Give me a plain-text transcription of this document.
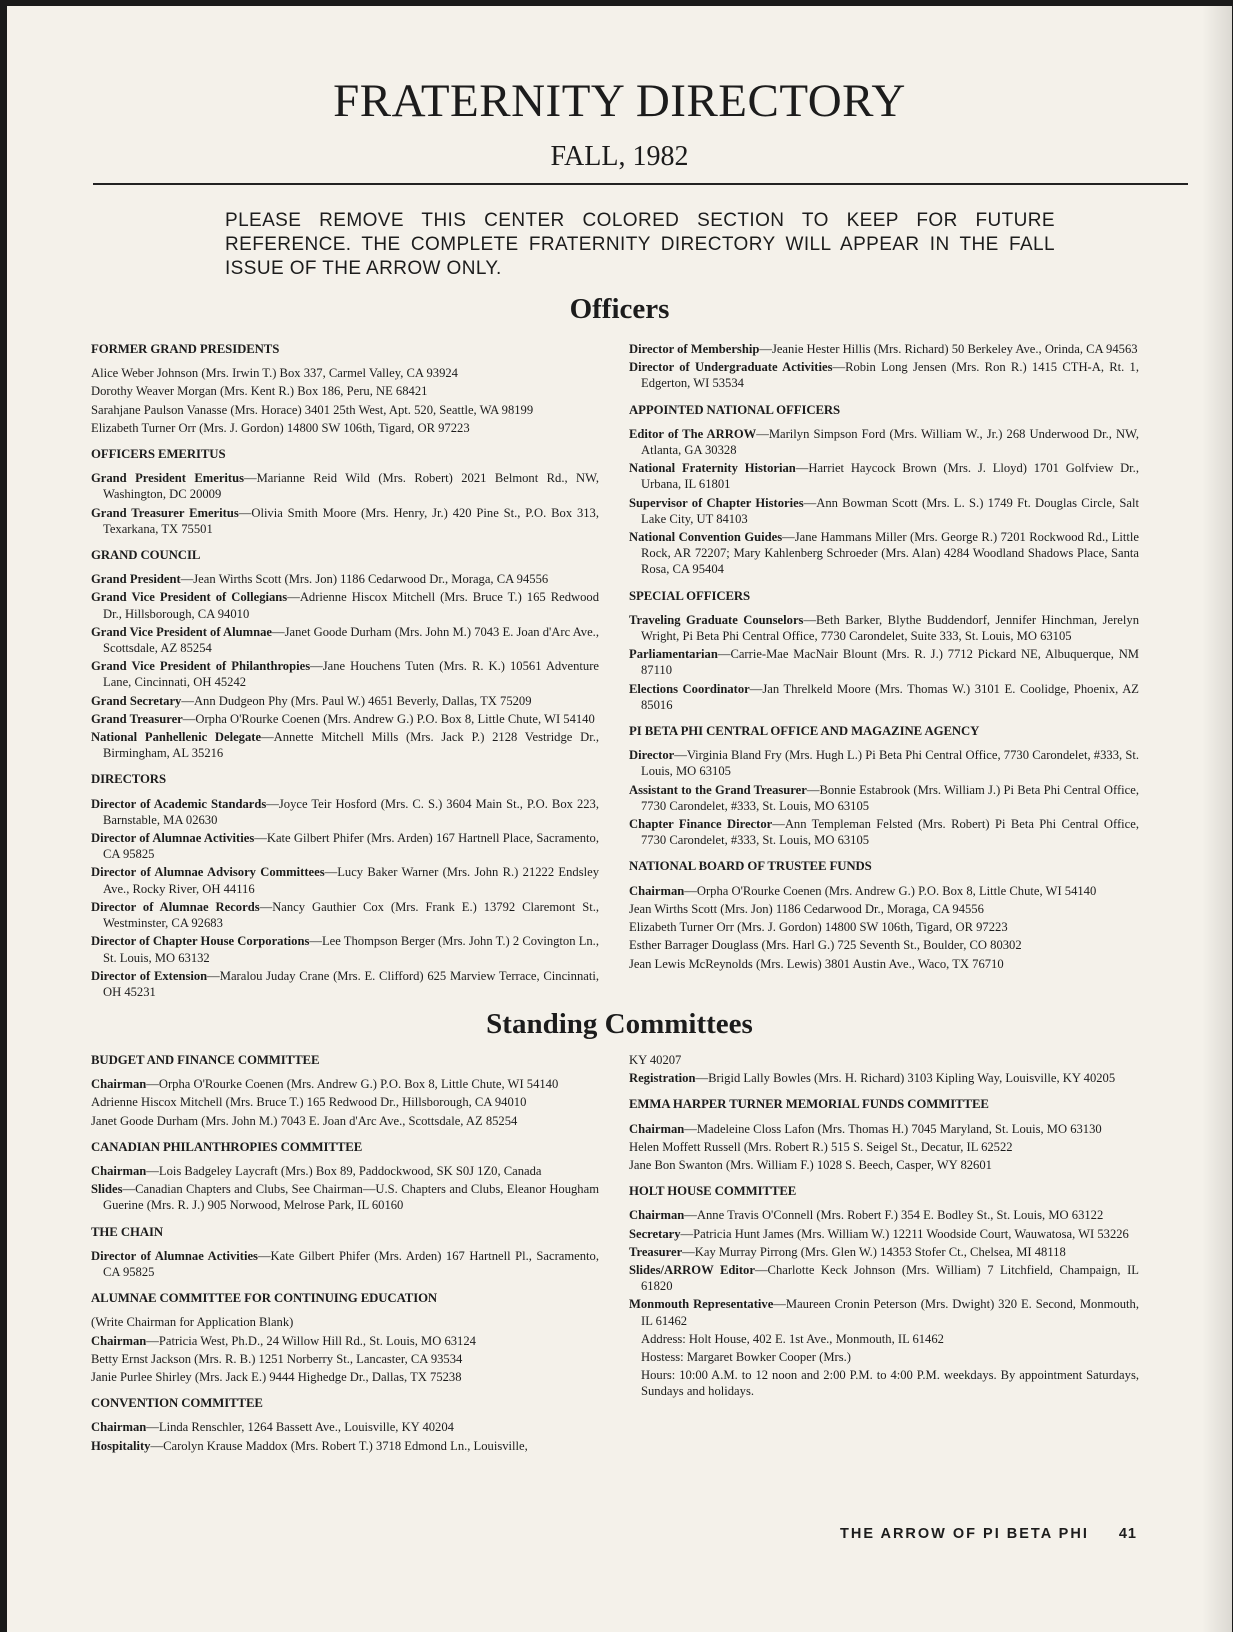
FRATERNITY DIRECTORY
FALL, 1982
PLEASE REMOVE THIS CENTER COLORED SECTION TO KEEP FOR FUTURE REFERENCE. THE COMPLETE FRATERNITY DIRECTORY WILL APPEAR IN THE FALL ISSUE OF THE ARROW ONLY.
Officers
FORMER GRAND PRESIDENTS
Alice Weber Johnson (Mrs. Irwin T.) Box 337, Carmel Valley, CA 93924
Dorothy Weaver Morgan (Mrs. Kent R.) Box 186, Peru, NE 68421
Sarahjane Paulson Vanasse (Mrs. Horace) 3401 25th West, Apt. 520, Seattle, WA 98199
Elizabeth Turner Orr (Mrs. J. Gordon) 14800 SW 106th, Tigard, OR 97223
OFFICERS EMERITUS
Grand President Emeritus—Marianne Reid Wild (Mrs. Robert) 2021 Belmont Rd., NW, Washington, DC 20009
Grand Treasurer Emeritus—Olivia Smith Moore (Mrs. Henry, Jr.) 420 Pine St., P.O. Box 313, Texarkana, TX 75501
GRAND COUNCIL
Grand President—Jean Wirths Scott (Mrs. Jon) 1186 Cedarwood Dr., Moraga, CA 94556
Grand Vice President of Collegians—Adrienne Hiscox Mitchell (Mrs. Bruce T.) 165 Redwood Dr., Hillsborough, CA 94010
Grand Vice President of Alumnae—Janet Goode Durham (Mrs. John M.) 7043 E. Joan d'Arc Ave., Scottsdale, AZ 85254
Grand Vice President of Philanthropies—Jane Houchens Tuten (Mrs. R. K.) 10561 Adventure Lane, Cincinnati, OH 45242
Grand Secretary—Ann Dudgeon Phy (Mrs. Paul W.) 4651 Beverly, Dallas, TX 75209
Grand Treasurer—Orpha O'Rourke Coenen (Mrs. Andrew G.) P.O. Box 8, Little Chute, WI 54140
National Panhellenic Delegate—Annette Mitchell Mills (Mrs. Jack P.) 2128 Vestridge Dr., Birmingham, AL 35216
DIRECTORS
Director of Academic Standards—Joyce Teir Hosford (Mrs. C. S.) 3604 Main St., P.O. Box 223, Barnstable, MA 02630
Director of Alumnae Activities—Kate Gilbert Phifer (Mrs. Arden) 167 Hartnell Place, Sacramento, CA 95825
Director of Alumnae Advisory Committees—Lucy Baker Warner (Mrs. John R.) 21222 Endsley Ave., Rocky River, OH 44116
Director of Alumnae Records—Nancy Gauthier Cox (Mrs. Frank E.) 13792 Claremont St., Westminster, CA 92683
Director of Chapter House Corporations—Lee Thompson Berger (Mrs. John T.) 2 Covington Ln., St. Louis, MO 63132
Director of Extension—Maralou Juday Crane (Mrs. E. Clifford) 625 Marview Terrace, Cincinnati, OH 45231
Director of Membership—Jeanie Hester Hillis (Mrs. Richard) 50 Berkeley Ave., Orinda, CA 94563
Director of Undergraduate Activities—Robin Long Jensen (Mrs. Ron R.) 1415 CTH-A, Rt. 1, Edgerton, WI 53534
APPOINTED NATIONAL OFFICERS
Editor of The ARROW—Marilyn Simpson Ford (Mrs. William W., Jr.) 268 Underwood Dr., NW, Atlanta, GA 30328
National Fraternity Historian—Harriet Haycock Brown (Mrs. J. Lloyd) 1701 Golfview Dr., Urbana, IL 61801
Supervisor of Chapter Histories—Ann Bowman Scott (Mrs. L. S.) 1749 Ft. Douglas Circle, Salt Lake City, UT 84103
National Convention Guides—Jane Hammans Miller (Mrs. George R.) 7201 Rockwood Rd., Little Rock, AR 72207; Mary Kahlenberg Schroeder (Mrs. Alan) 4284 Woodland Shadows Place, Santa Rosa, CA 95404
SPECIAL OFFICERS
Traveling Graduate Counselors—Beth Barker, Blythe Buddendorf, Jennifer Hinchman, Jerelyn Wright, Pi Beta Phi Central Office, 7730 Carondelet, Suite 333, St. Louis, MO 63105
Parliamentarian—Carrie-Mae MacNair Blount (Mrs. R. J.) 7712 Pickard NE, Albuquerque, NM 87110
Elections Coordinator—Jan Threlkeld Moore (Mrs. Thomas W.) 3101 E. Coolidge, Phoenix, AZ 85016
PI BETA PHI CENTRAL OFFICE AND MAGAZINE AGENCY
Director—Virginia Bland Fry (Mrs. Hugh L.) Pi Beta Phi Central Office, 7730 Carondelet, #333, St. Louis, MO 63105
Assistant to the Grand Treasurer—Bonnie Estabrook (Mrs. William J.) Pi Beta Phi Central Office, 7730 Carondelet, #333, St. Louis, MO 63105
Chapter Finance Director—Ann Templeman Felsted (Mrs. Robert) Pi Beta Phi Central Office, 7730 Carondelet, #333, St. Louis, MO 63105
NATIONAL BOARD OF TRUSTEE FUNDS
Chairman—Orpha O'Rourke Coenen (Mrs. Andrew G.) P.O. Box 8, Little Chute, WI 54140
Jean Wirths Scott (Mrs. Jon) 1186 Cedarwood Dr., Moraga, CA 94556
Elizabeth Turner Orr (Mrs. J. Gordon) 14800 SW 106th, Tigard, OR 97223
Esther Barrager Douglass (Mrs. Harl G.) 725 Seventh St., Boulder, CO 80302
Jean Lewis McReynolds (Mrs. Lewis) 3801 Austin Ave., Waco, TX 76710
Standing Committees
BUDGET AND FINANCE COMMITTEE
Chairman—Orpha O'Rourke Coenen (Mrs. Andrew G.) P.O. Box 8, Little Chute, WI 54140
Adrienne Hiscox Mitchell (Mrs. Bruce T.) 165 Redwood Dr., Hillsborough, CA 94010
Janet Goode Durham (Mrs. John M.) 7043 E. Joan d'Arc Ave., Scottsdale, AZ 85254
CANADIAN PHILANTHROPIES COMMITTEE
Chairman—Lois Badgeley Laycraft (Mrs.) Box 89, Paddockwood, SK S0J 1Z0, Canada
Slides—Canadian Chapters and Clubs, See Chairman—U.S. Chapters and Clubs, Eleanor Hougham Guerine (Mrs. R. J.) 905 Norwood, Melrose Park, IL 60160
THE CHAIN
Director of Alumnae Activities—Kate Gilbert Phifer (Mrs. Arden) 167 Hartnell Pl., Sacramento, CA 95825
ALUMNAE COMMITTEE FOR CONTINUING EDUCATION
(Write Chairman for Application Blank)
Chairman—Patricia West, Ph.D., 24 Willow Hill Rd., St. Louis, MO 63124
Betty Ernst Jackson (Mrs. R. B.) 1251 Norberry St., Lancaster, CA 93534
Janie Purlee Shirley (Mrs. Jack E.) 9444 Highedge Dr., Dallas, TX 75238
CONVENTION COMMITTEE
Chairman—Linda Renschler, 1264 Bassett Ave., Louisville, KY 40204
Hospitality—Carolyn Krause Maddox (Mrs. Robert T.) 3718 Edmond Ln., Louisville,
KY 40207
Registration—Brigid Lally Bowles (Mrs. H. Richard) 3103 Kipling Way, Louisville, KY 40205
EMMA HARPER TURNER MEMORIAL FUNDS COMMITTEE
Chairman—Madeleine Closs Lafon (Mrs. Thomas H.) 7045 Maryland, St. Louis, MO 63130
Helen Moffett Russell (Mrs. Robert R.) 515 S. Seigel St., Decatur, IL 62522
Jane Bon Swanton (Mrs. William F.) 1028 S. Beech, Casper, WY 82601
HOLT HOUSE COMMITTEE
Chairman—Anne Travis O'Connell (Mrs. Robert F.) 354 E. Bodley St., St. Louis, MO 63122
Secretary—Patricia Hunt James (Mrs. William W.) 12211 Woodside Court, Wauwatosa, WI 53226
Treasurer—Kay Murray Pirrong (Mrs. Glen W.) 14353 Stofer Ct., Chelsea, MI 48118
Slides/ARROW Editor—Charlotte Keck Johnson (Mrs. William) 7 Litchfield, Champaign, IL 61820
Monmouth Representative—Maureen Cronin Peterson (Mrs. Dwight) 320 E. Second, Monmouth, IL 61462
Address: Holt House, 402 E. 1st Ave., Monmouth, IL 61462
Hostess: Margaret Bowker Cooper (Mrs.)
Hours: 10:00 A.M. to 12 noon and 2:00 P.M. to 4:00 P.M. weekdays. By appointment Saturdays, Sundays and holidays.
THE ARROW OF PI BETA PHI 41
